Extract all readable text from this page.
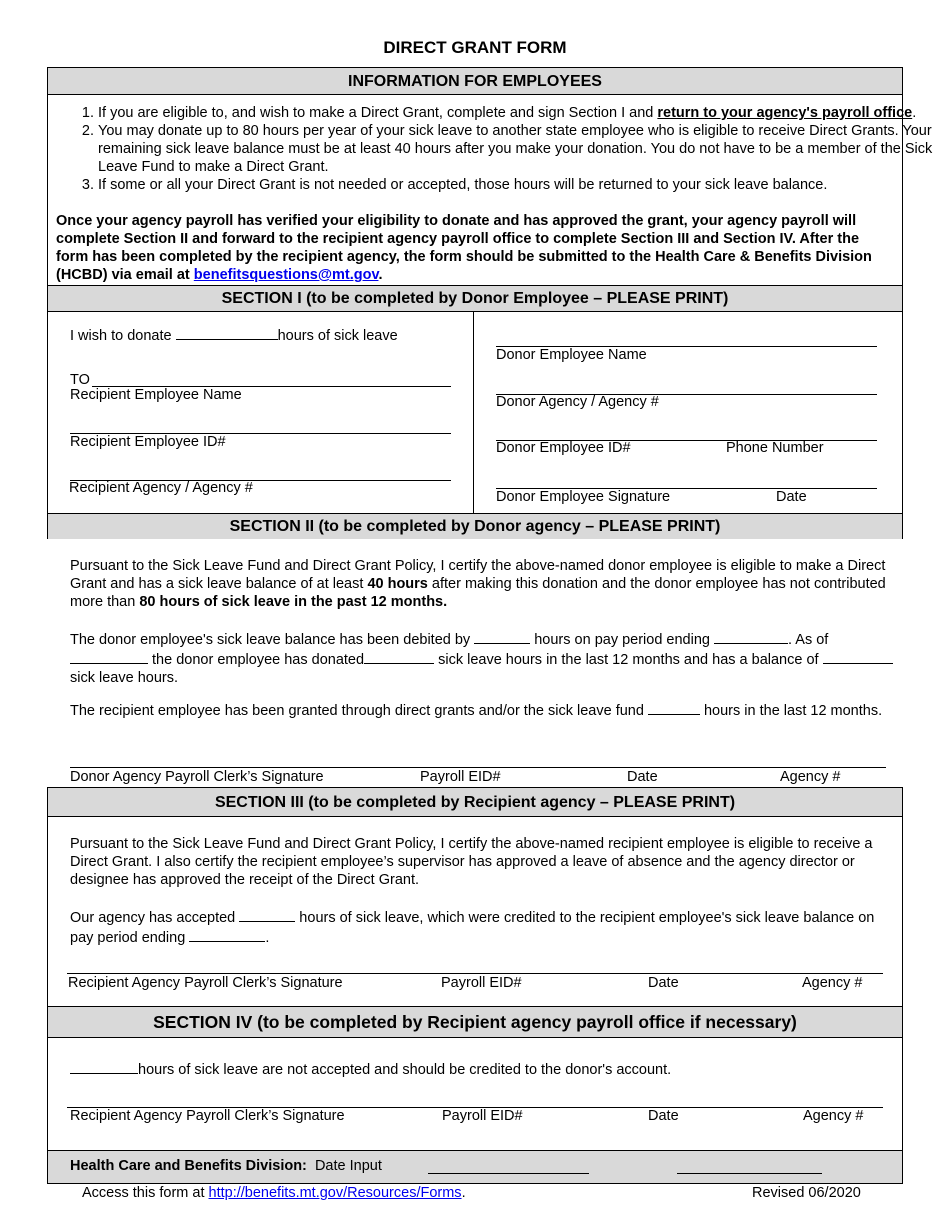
DIRECT GRANT FORM
INFORMATION FOR EMPLOYEES
1. If you are eligible to, and wish to make a Direct Grant, complete and sign Section I and return to your agency's payroll office.
2. You may donate up to 80 hours per year of your sick leave to another state employee who is eligible to receive Direct Grants. Your remaining sick leave balance must be at least 40 hours after you make your donation. You do not have to be a member of the Sick Leave Fund to make a Direct Grant.
3. If some or all your Direct Grant is not needed or accepted, those hours will be returned to your sick leave balance.
Once your agency payroll has verified your eligibility to donate and has approved the grant, your agency payroll will complete Section II and forward to the recipient agency payroll office to complete Section III and Section IV. After the form has been completed by the recipient agency, the form should be submitted to the Health Care & Benefits Division (HCBD) via email at benefitsquestions@mt.gov.
SECTION I (to be completed by Donor Employee – PLEASE PRINT)
I wish to donate	hours of sick leave
TO
Recipient Employee Name
Recipient Employee ID#
Recipient Agency / Agency #
Donor Employee Name
Donor Agency / Agency #
Donor Employee ID#	Phone Number
Donor Employee Signature	Date
SECTION II (to be completed by Donor agency – PLEASE PRINT)
Pursuant to the Sick Leave Fund and Direct Grant Policy, I certify the above-named donor employee is eligible to make a Direct Grant and has a sick leave balance of at least 40 hours after making this donation and the donor employee has not contributed more than 80 hours of sick leave in the past 12 months.
The donor employee's sick leave balance has been debited by	hours on pay period ending	. As of  the donor employee has donated	sick leave hours in the last 12 months and has a balance of  sick leave hours.
The recipient employee has been granted through direct grants and/or the sick leave fund	hours in the last 12 months.
Donor Agency Payroll Clerk’s Signature	Payroll EID#	Date	Agency #
SECTION III (to be completed by Recipient agency – PLEASE PRINT)
Pursuant to the Sick Leave Fund and Direct Grant Policy, I certify the above-named recipient employee is eligible to receive a Direct Grant. I also certify the recipient employee’s supervisor has approved a leave of absence and the agency director or designee has approved the receipt of the Direct Grant.
Our agency has accepted	hours of sick leave, which were credited to the recipient employee's sick leave balance on pay period ending	.
Recipient Agency Payroll Clerk’s Signature	Payroll EID#	Date	Agency #
SECTION IV (to be completed by Recipient agency payroll office if necessary)
hours of sick leave are not accepted and should be credited to the donor's account.
Recipient Agency Payroll Clerk’s Signature	Payroll EID#	Date	Agency #
Health Care and Benefits Division: Date Input
Access this form at http://benefits.mt.gov/Resources/Forms.	Revised 06/2020
